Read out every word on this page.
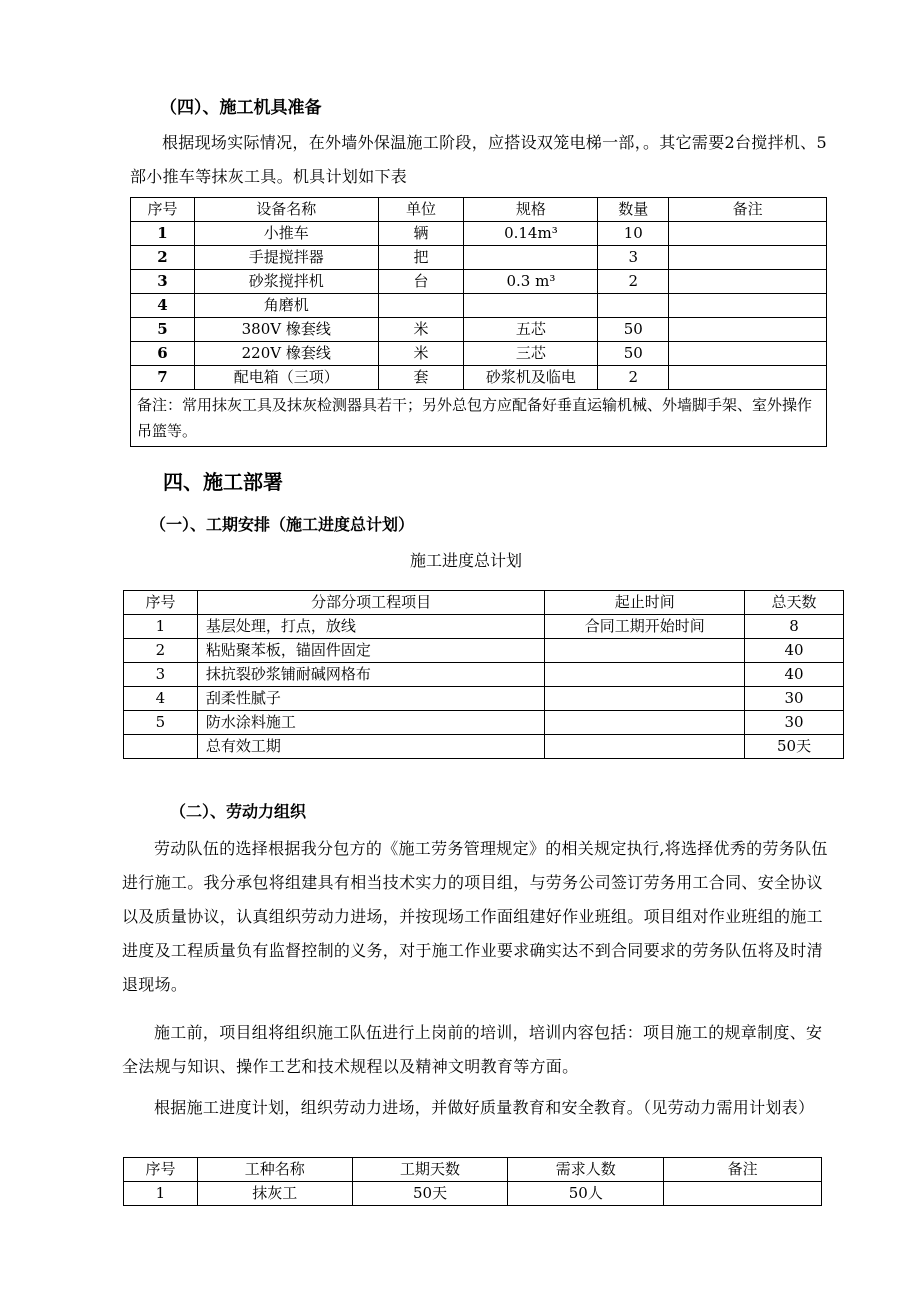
（四）、施工机具准备
根据现场实际情况，在外墙外保温施工阶段，应搭设双笼电梯一部，。其它需要2台搅拌机、5部小推车等抹灰工具。机具计划如下表
序号	设备名称	单位	规格	数量	备注
1	小推车	辆	0.14m³	10	
2	手提搅拌器	把		3	
3	砂浆搅拌机	台	0.3 m³	2	
4	角磨机				
5	380V 橡套线	米	五芯	50	
6	220V 橡套线	米	三芯	50	
7	配电箱（三项）	套	砂浆机及临电	2	
备注：常用抹灰工具及抹灰检测器具若干；另外总包方应配备好垂直运输机械、外墙脚手架、室外操作吊篮等。					
四、施工部署
（一）、工期安排（施工进度总计划）
施工进度总计划
序号	分部分项工程项目	起止时间	总天数
1	基层处理，打点，放线	合同工期开始时间	8
2	粘贴聚苯板，锚固件固定		40
3	抹抗裂砂浆铺耐碱网格布		40
4	刮柔性腻子		30
5	防水涂料施工		30
	总有效工期		50天
（二）、劳动力组织
劳动队伍的选择根据我分包方的《施工劳务管理规定》的相关规定执行,将选择优秀的劳务队伍进行施工。我分承包将组建具有相当技术实力的项目组，与劳务公司签订劳务用工合同、安全协议以及质量协议，认真组织劳动力进场，并按现场工作面组建好作业班组。项目组对作业班组的施工进度及工程质量负有监督控制的义务，对于施工作业要求确实达不到合同要求的劳务队伍将及时清退现场。
施工前，项目组将组织施工队伍进行上岗前的培训，培训内容包括：项目施工的规章制度、安全法规与知识、操作工艺和技术规程以及精神文明教育等方面。
根据施工进度计划，组织劳动力进场，并做好质量教育和安全教育。（见劳动力需用计划表）
序号	工种名称	工期天数	需求人数	备注
1	抹灰工	50天	50人	
